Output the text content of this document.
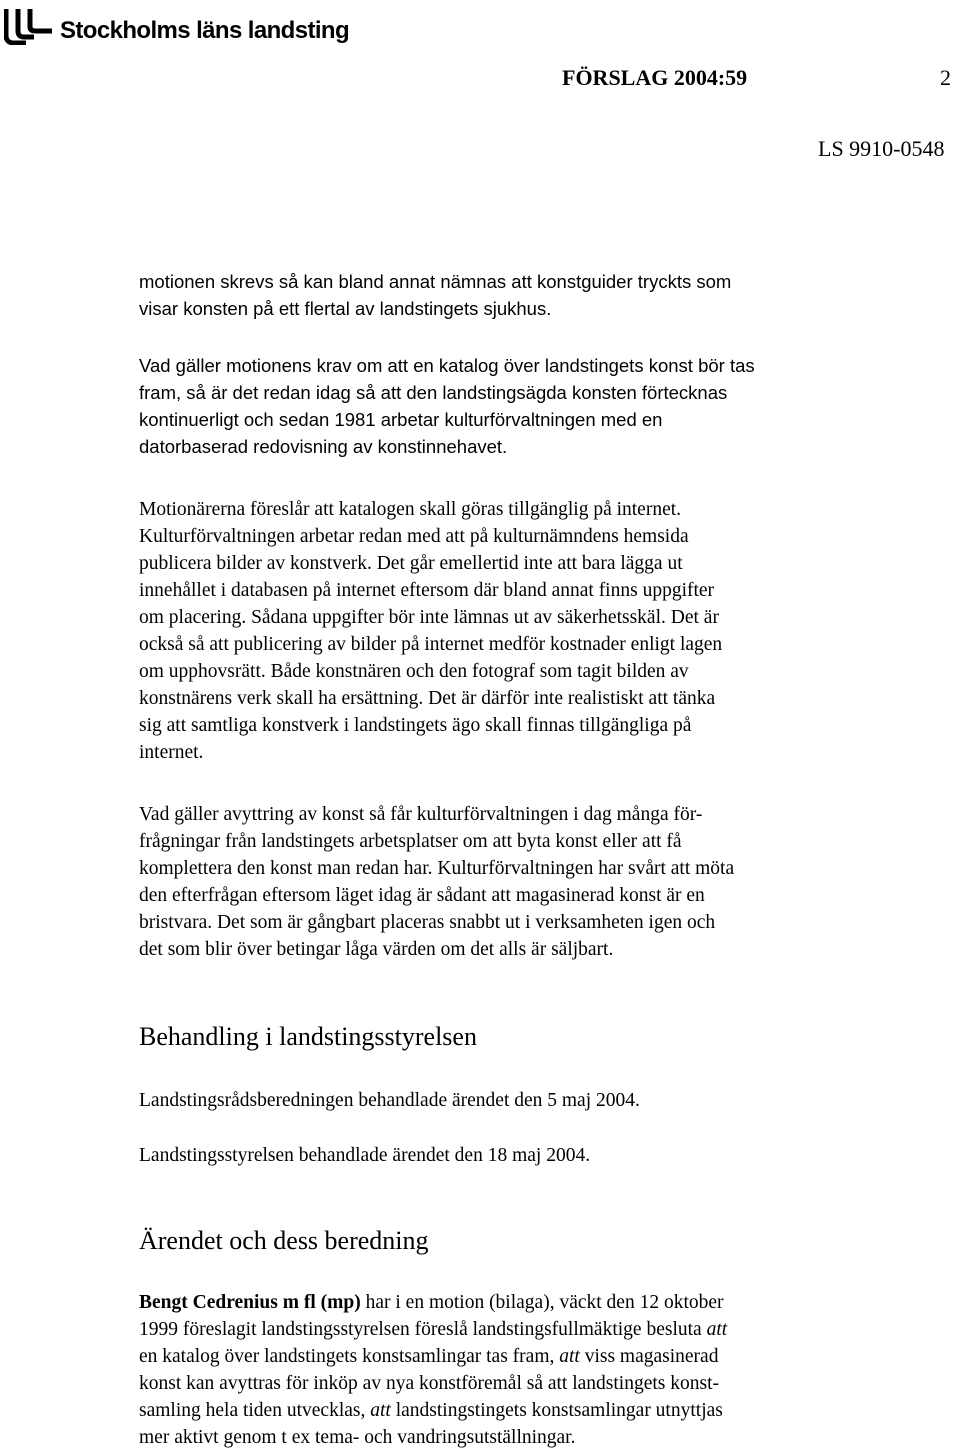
Stockholms läns landsting
FÖRSLAG 2004:59	2
LS 9910-0548

motionen skrevs så kan bland annat nämnas att konstguider tryckts som
visar konsten på ett flertal av landstingets sjukhus.

Vad gäller motionens krav om att en katalog över landstingets konst bör tas
fram, så är det redan idag så att den landstingsägda konsten förtecknas
kontinuerligt och sedan 1981 arbetar kulturförvaltningen med en
datorbaserad redovisning av konstinnehavet.

Motionärerna föreslår att katalogen skall göras tillgänglig på internet.
Kulturförvaltningen arbetar redan med att på kulturnämndens hemsida
publicera bilder av konstverk. Det går emellertid inte att bara lägga ut
innehållet i databasen på internet eftersom där bland annat finns uppgifter
om placering. Sådana uppgifter bör inte lämnas ut av säkerhetsskäl. Det är
också så att publicering av bilder på internet medför kostnader enligt lagen
om upphovsrätt. Både konstnären och den fotograf som tagit bilden av
konstnärens verk skall ha ersättning. Det är därför inte realistiskt att tänka
sig att samtliga konstverk i landstingets ägo skall finnas tillgängliga på
internet.

Vad gäller avyttring av konst så får kulturförvaltningen i dag många för-
frågningar från landstingets arbetsplatser om att byta konst eller att få
komplettera den konst man redan har. Kulturförvaltningen har svårt att möta
den efterfrågan eftersom läget idag är sådant att magasinerad konst är en
bristvara. Det som är gångbart placeras snabbt ut i verksamheten igen och
det som blir över betingar låga värden om det alls är säljbart.

Behandling i landstingsstyrelsen

Landstingsrådsberedningen behandlade ärendet den 5 maj 2004.

Landstingsstyrelsen behandlade ärendet den 18 maj 2004.

Ärendet och dess beredning

Bengt Cedrenius m fl (mp) har i en motion (bilaga), väckt den 12 oktober
1999 föreslagit landstingsstyrelsen föreslå landstingsfullmäktige besluta att
en katalog över landstingets konstsamlingar tas fram, att viss magasinerad
konst kan avyttras för inköp av nya konstföremål så att landstingets konst-
samling hela tiden utvecklas, att landstingstingets konstsamlingar utnyttjas
mer aktivt genom t ex tema- och vandringsutställningar.
